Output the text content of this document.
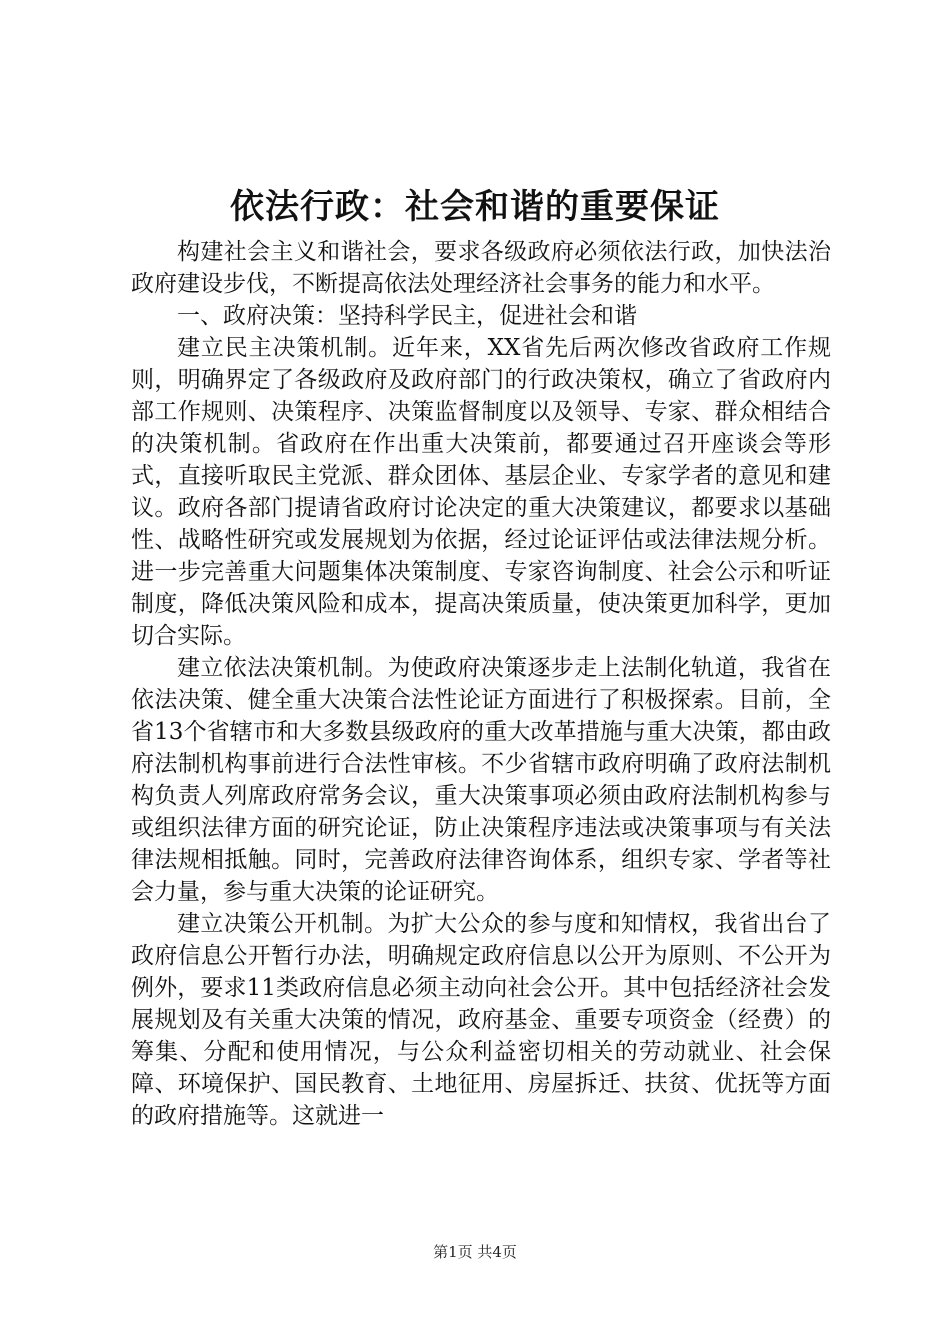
依法行政：社会和谐的重要保证

构建社会主义和谐社会，要求各级政府必须依法行政，加快法治政府建设步伐，不断提高依法处理经济社会事务的能力和水平。

一、政府决策：坚持科学民主，促进社会和谐

建立民主决策机制。近年来，XX省先后两次修改省政府工作规则，明确界定了各级政府及政府部门的行政决策权，确立了省政府内部工作规则、决策程序、决策监督制度以及领导、专家、群众相结合的决策机制。省政府在作出重大决策前，都要通过召开座谈会等形式，直接听取民主党派、群众团体、基层企业、专家学者的意见和建议。政府各部门提请省政府讨论决定的重大决策建议，都要求以基础性、战略性研究或发展规划为依据，经过论证评估或法律法规分析。进一步完善重大问题集体决策制度、专家咨询制度、社会公示和听证制度，降低决策风险和成本，提高决策质量，使决策更加科学，更加切合实际。

建立依法决策机制。为使政府决策逐步走上法制化轨道，我省在依法决策、健全重大决策合法性论证方面进行了积极探索。目前，全省13个省辖市和大多数县级政府的重大改革措施与重大决策，都由政府法制机构事前进行合法性审核。不少省辖市政府明确了政府法制机构负责人列席政府常务会议，重大决策事项必须由政府法制机构参与或组织法律方面的研究论证，防止决策程序违法或决策事项与有关法律法规相抵触。同时，完善政府法律咨询体系，组织专家、学者等社会力量，参与重大决策的论证研究。

建立决策公开机制。为扩大公众的参与度和知情权，我省出台了政府信息公开暂行办法，明确规定政府信息以公开为原则、不公开为例外，要求11类政府信息必须主动向社会公开。其中包括经济社会发展规划及有关重大决策的情况，政府基金、重要专项资金（经费）的筹集、分配和使用情况，与公众利益密切相关的劳动就业、社会保障、环境保护、国民教育、土地征用、房屋拆迁、扶贫、优抚等方面的政府措施等。这就进一

第1页 共4页
